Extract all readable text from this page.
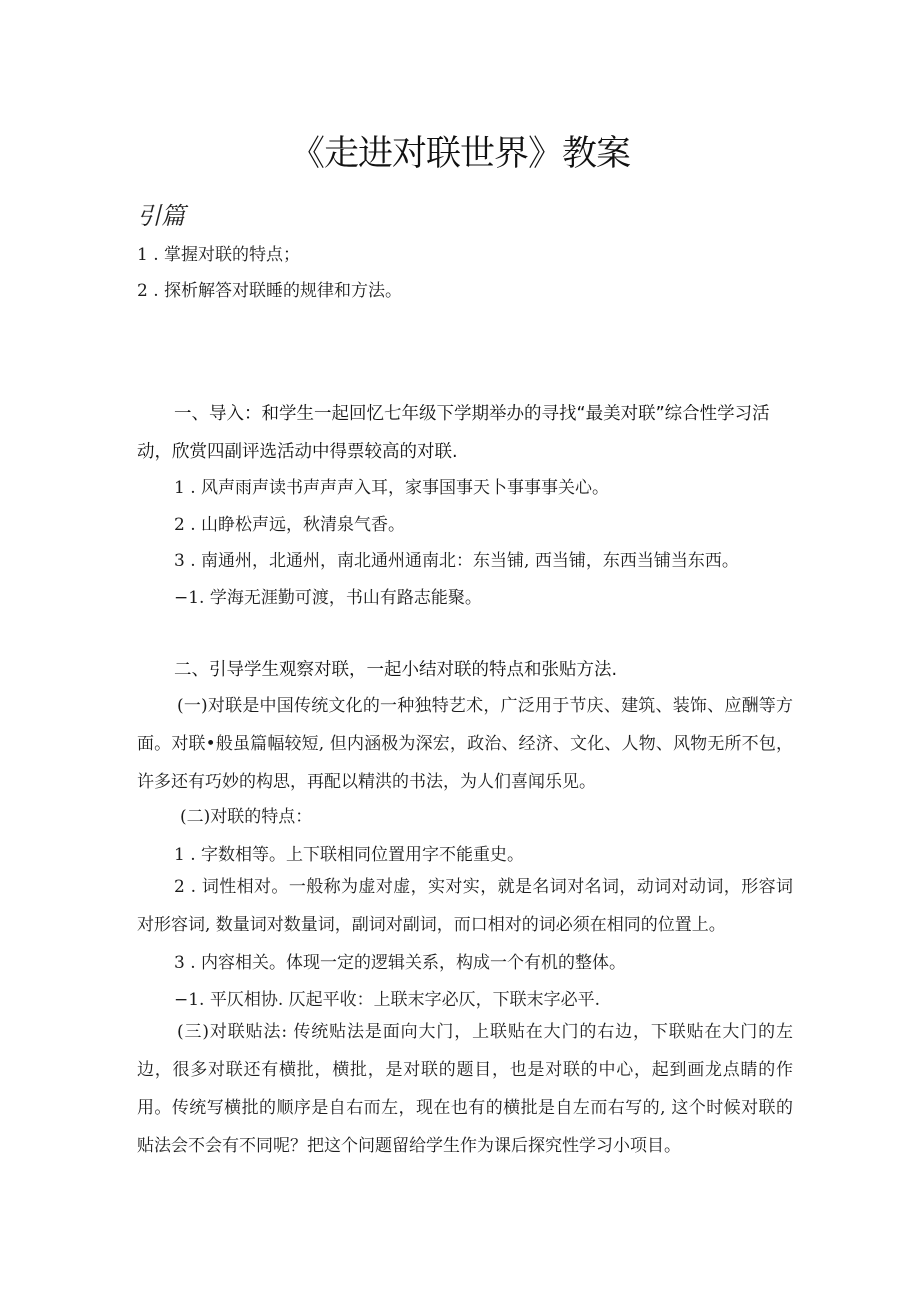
《走进对联世界》教案
引篇
1 . 掌握对联的特点；
2 . 探析解答对联睡的规律和方法。
一、导入：和学生一起回忆七年级下学期举办的寻找“最美对联”综合性学习活动，欣赏四副评选活动中得票较高的对联.
1 . 风声雨声读书声声声入耳，家事国事天卜事事事关心。
2 . 山睁松声远，秋清泉气香。
3 . 南通州，北通州，南北通州通南北：东当铺, 西当铺，东西当铺当东西。
−1. 学海无涯勤可渡，书山有路志能聚。
二、引导学生观察对联，一起小结对联的特点和张贴方法.
(一)对联是中国传统文化的一种独特艺术，广泛用于节庆、建筑、装饰、应酬等方面。对联•般虽篇幅较短, 但内涵极为深宏，政治、经济、文化、人物、风物无所不包，许多还有巧妙的构思，再配以精洪的书法，为人们喜闻乐见。
(二)对联的特点：
1 . 字数相等。上下联相同位置用字不能重史。
2 . 词性相对。一般称为虚对虚，实对实，就是名词对名词，动词对动词，形容词对形容词, 数量词对数量词，副词对副词，而口相对的词必须在相同的位置上。
3 . 内容相关。体现一定的逻辑关系，构成一个有机的整体。
−1. 平仄相协. 仄起平收：上联末字必仄，下联末字必平.
(三)对联贴法: 传统贴法是面向大门，上联贴在大门的右边，下联贴在大门的左边，很多对联还有横批，横批，是对联的题目，也是对联的中心，起到画龙点睛的作用。传统写横批的顺序是自右而左，现在也有的横批是自左而右写的, 这个时候对联的贴法会不会有不同呢？把这个问题留给学生作为课后探究性学习小项目。
